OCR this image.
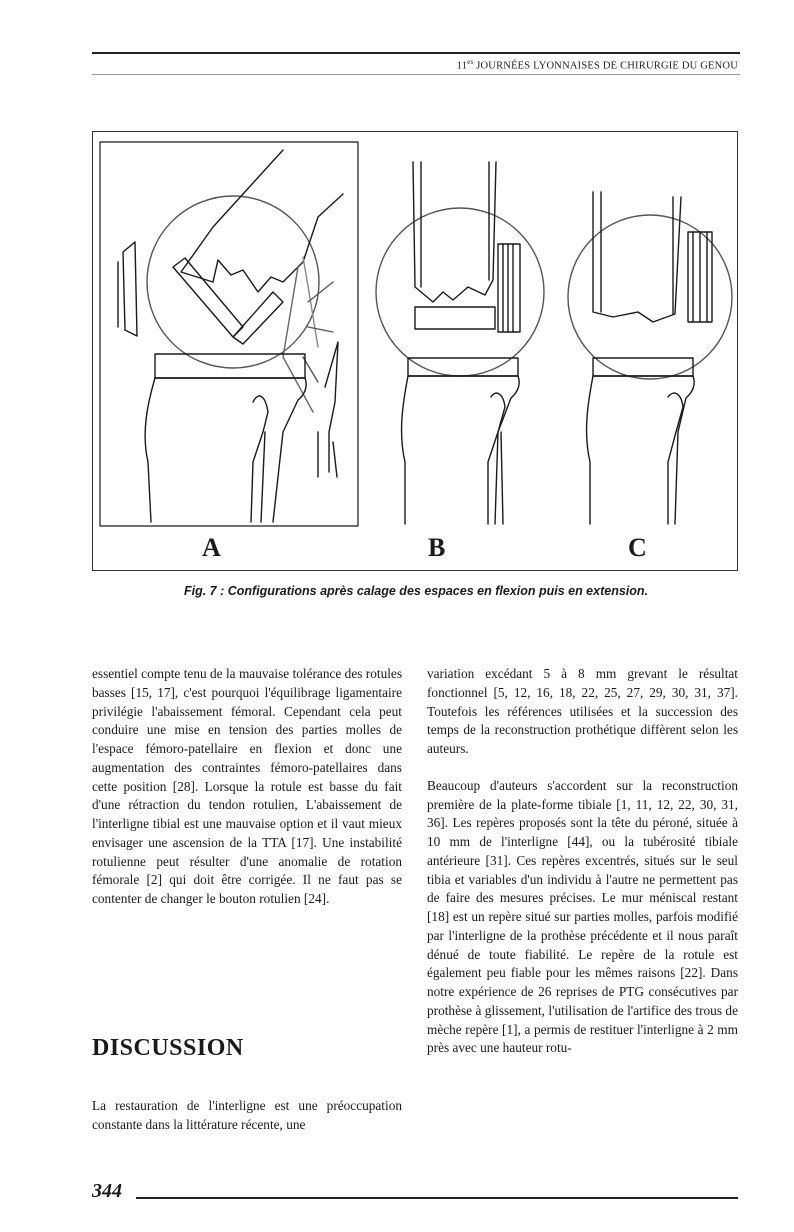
$11^{es}$ JOURNÉES LYONNAISES DE CHIRURGIE DU GENOU
A	B	C
Fig. 7 : Configurations après calage des espaces en flexion puis en extension.

essentiel compte tenu de la mauvaise tolérance des rotules basses [15, 17], c'est pourquoi l'équilibrage ligamentaire privilégie l'abaissement fémoral. Cependant cela peut conduire une mise en tension des parties molles de l'espace fémoro-patellaire en flexion et donc une augmentation des contraintes fémoro-patellaires dans cette position [28]. Lorsque la rotule est basse du fait d'une rétraction du tendon rotulien, L'abaissement de l'interligne tibial est une mauvaise option et il vaut mieux envisager une ascension de la TTA [17]. Une instabilité rotulienne peut résulter d'une anomalie de rotation fémorale [2] qui doit être corrigée. Il ne faut pas se contenter de changer le bouton rotulien [24].

DISCUSSION

La restauration de l'interligne est une préoccupation constante dans la littérature récente, une

variation excédant 5 à 8 mm grevant le résultat fonctionnel [5, 12, 16, 18, 22, 25, 27, 29, 30, 31, 37]. Toutefois les références utilisées et la succession des temps de la reconstruction prothétique diffèrent selon les auteurs.

Beaucoup d'auteurs s'accordent sur la reconstruction première de la plate-forme tibiale [1, 11, 12, 22, 30, 31, 36]. Les repères proposés sont la tête du péroné, située à 10 mm de l'interligne [44], ou la tubérosité tibiale antérieure [31]. Ces repères excentrés, situés sur le seul tibia et variables d'un individu à l'autre ne permettent pas de faire des mesures précises. Le mur méniscal restant [18] est un repère situé sur parties molles, parfois modifié par l'interligne de la prothèse précédente et il nous paraît dénué de toute fiabilité. Le repère de la rotule est également peu fiable pour les mêmes raisons [22]. Dans notre expérience de 26 reprises de PTG consécutives par prothèse à glissement, l'utilisation de l'artifice des trous de mèche repère [1], a permis de restituer l'interligne à 2 mm près avec une hauteur rotu-

344
